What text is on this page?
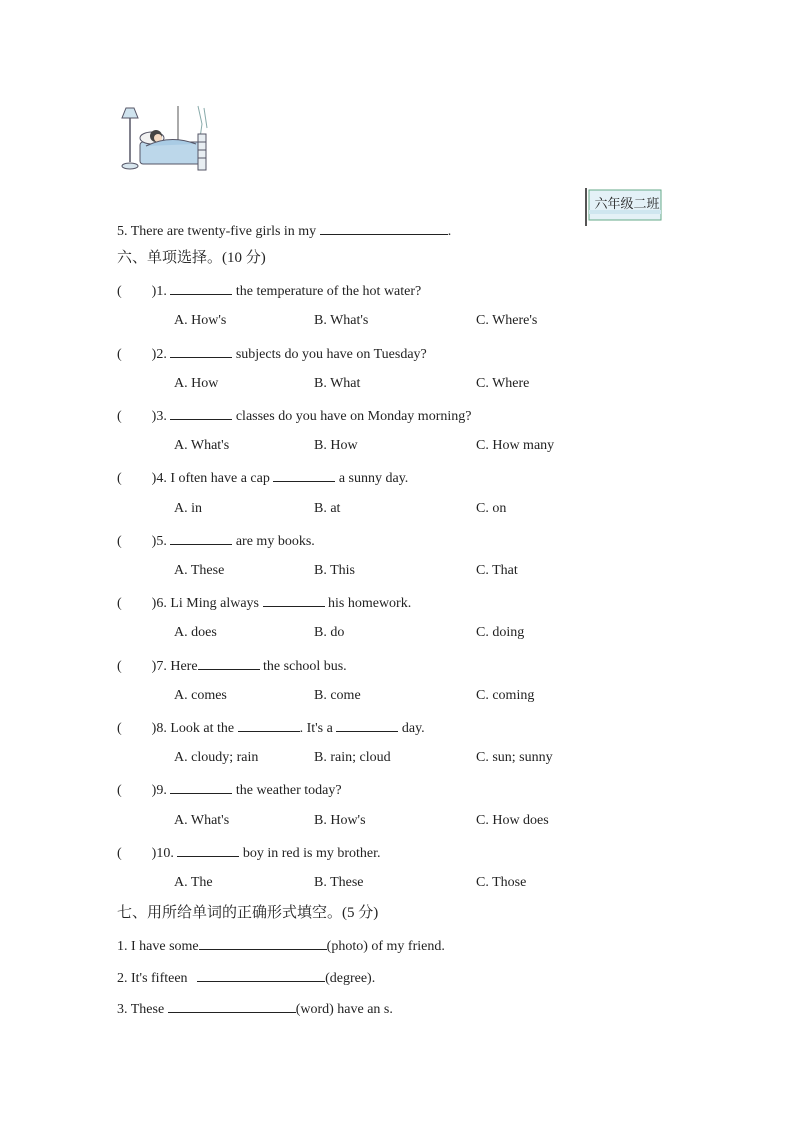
六年级二班
5. There are twenty-five girls in my	.
六、单项选择。(10 分)
( )1.	the temperature of the hot water?
A. How's	B. What's	C. Where's
( )2.	subjects do you have on Tuesday?
A. How	B. What	C. Where
( )3.	classes do you have on Monday morning?
A. What's	B. How	C. How many
( )4. I often have a cap	a sunny day.
A. in	B. at	C. on
( )5.	are my books.
A. These	B. This	C. That
( )6. Li Ming always	his homework.
A. does	B. do	C. doing
( )7. Here	the school bus.
A. comes	B. come	C. coming
( )8. Look at the	. It's a	day.
A. cloudy; rain	B. rain; cloud	C. sun; sunny
( )9.	the weather today?
A. What's	B. How's	C. How does
( )10.	boy in red is my brother.
A. The	B. These	C. Those
七、用所给单词的正确形式填空。(5 分)
1. I have some	(photo) of my friend.
2. It's fifteen	(degree).
3. These	(word) have an s.
